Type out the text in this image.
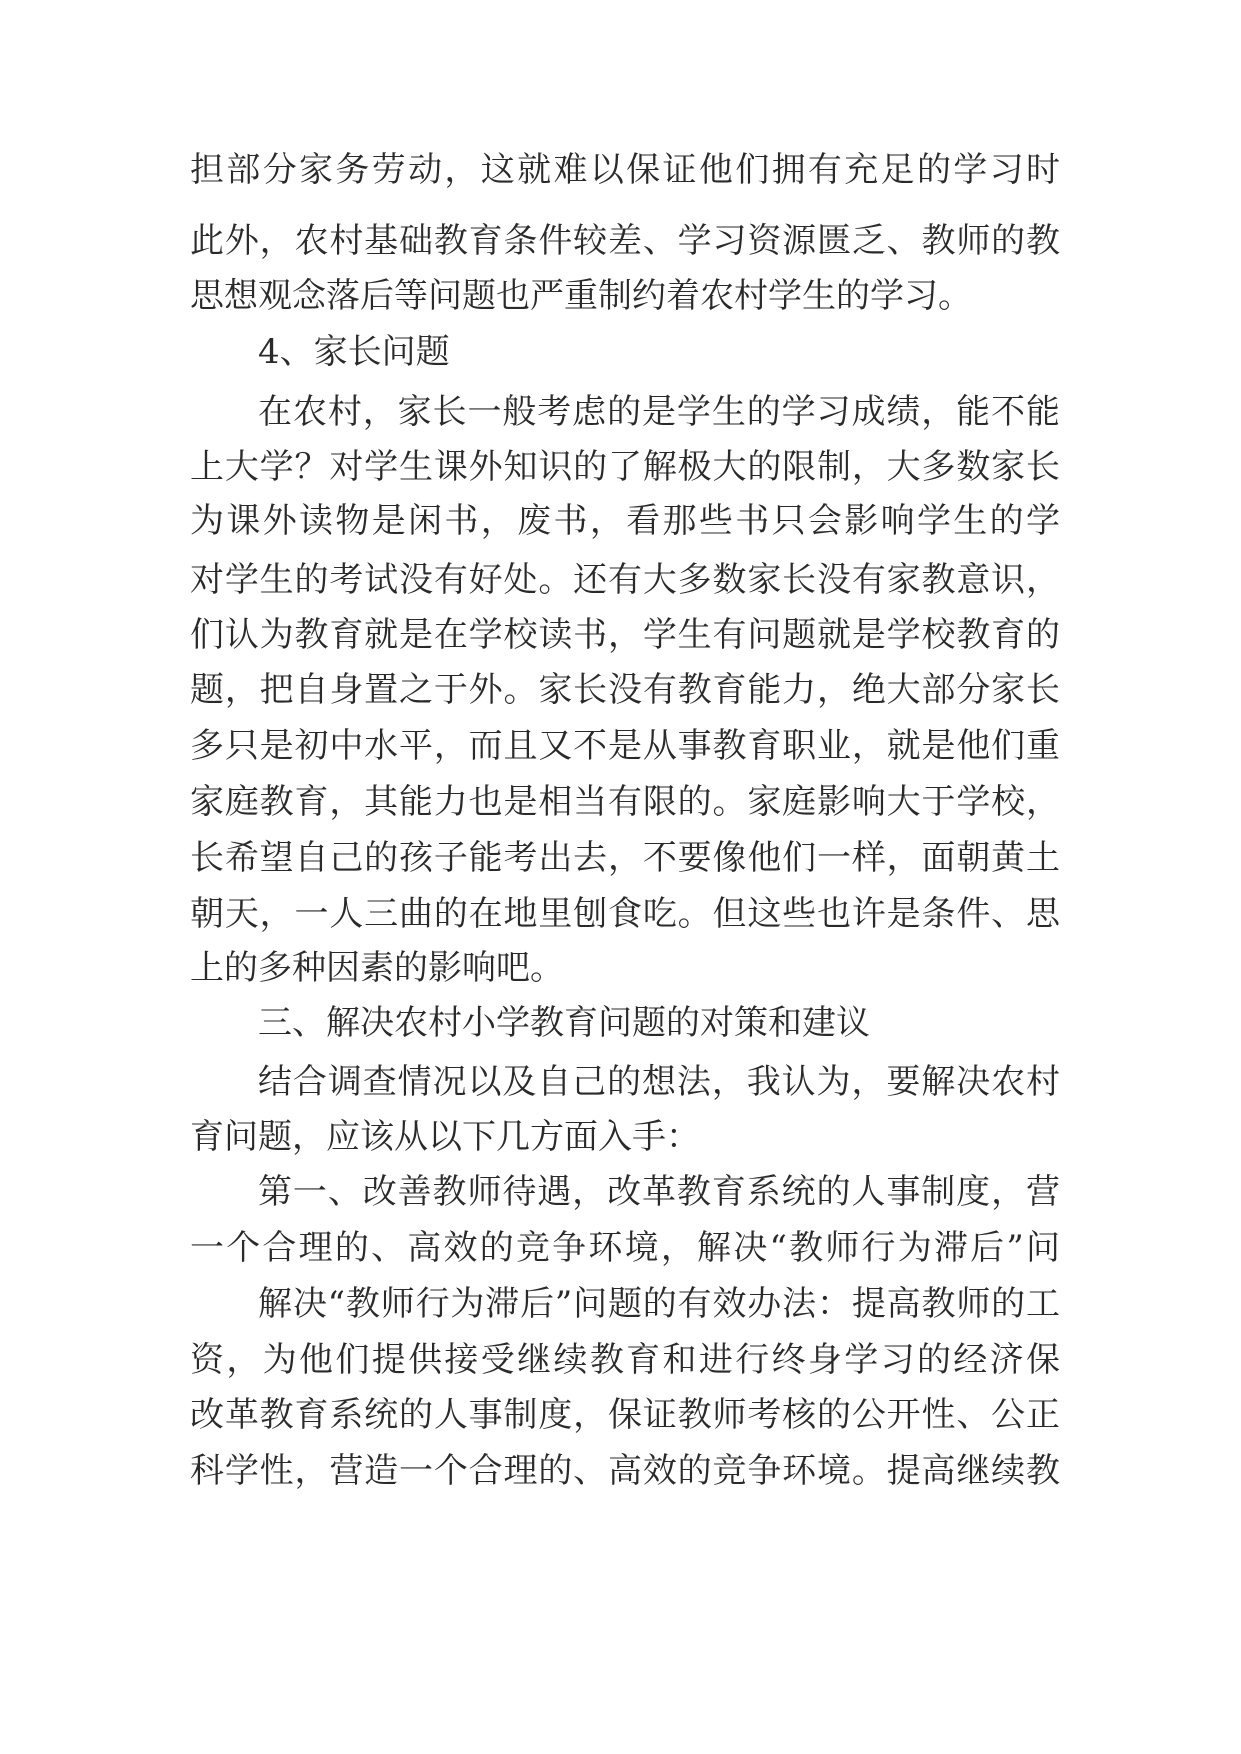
担部分家务劳动，这就难以保证他们拥有充足的学习时
此外，农村基础教育条件较差、学习资源匮乏、教师的教
思想观念落后等问题也严重制约着农村学生的学习。
4、家长问题
在农村，家长一般考虑的是学生的学习成绩，能不能
上大学？对学生课外知识的了解极大的限制，大多数家长
为课外读物是闲书，废书，看那些书只会影响学生的学
对学生的考试没有好处。还有大多数家长没有家教意识，
们认为教育就是在学校读书，学生有问题就是学校教育的
题，把自身置之于外。家长没有教育能力，绝大部分家长
多只是初中水平，而且又不是从事教育职业，就是他们重
家庭教育，其能力也是相当有限的。家庭影响大于学校，
长希望自己的孩子能考出去，不要像他们一样，面朝黄土
朝天，一人三曲的在地里刨食吃。但这些也许是条件、思
上的多种因素的影响吧。
三、解决农村小学教育问题的对策和建议
结合调查情况以及自己的想法，我认为，要解决农村
育问题，应该从以下几方面入手：
第一、改善教师待遇，改革教育系统的人事制度，营
一个合理的、高效的竞争环境，解决“教师行为滞后”问
解决“教师行为滞后”问题的有效办法：提高教师的工
资，为他们提供接受继续教育和进行终身学习的经济保
改革教育系统的人事制度，保证教师考核的公开性、公正
科学性，营造一个合理的、高效的竞争环境。提高继续教
